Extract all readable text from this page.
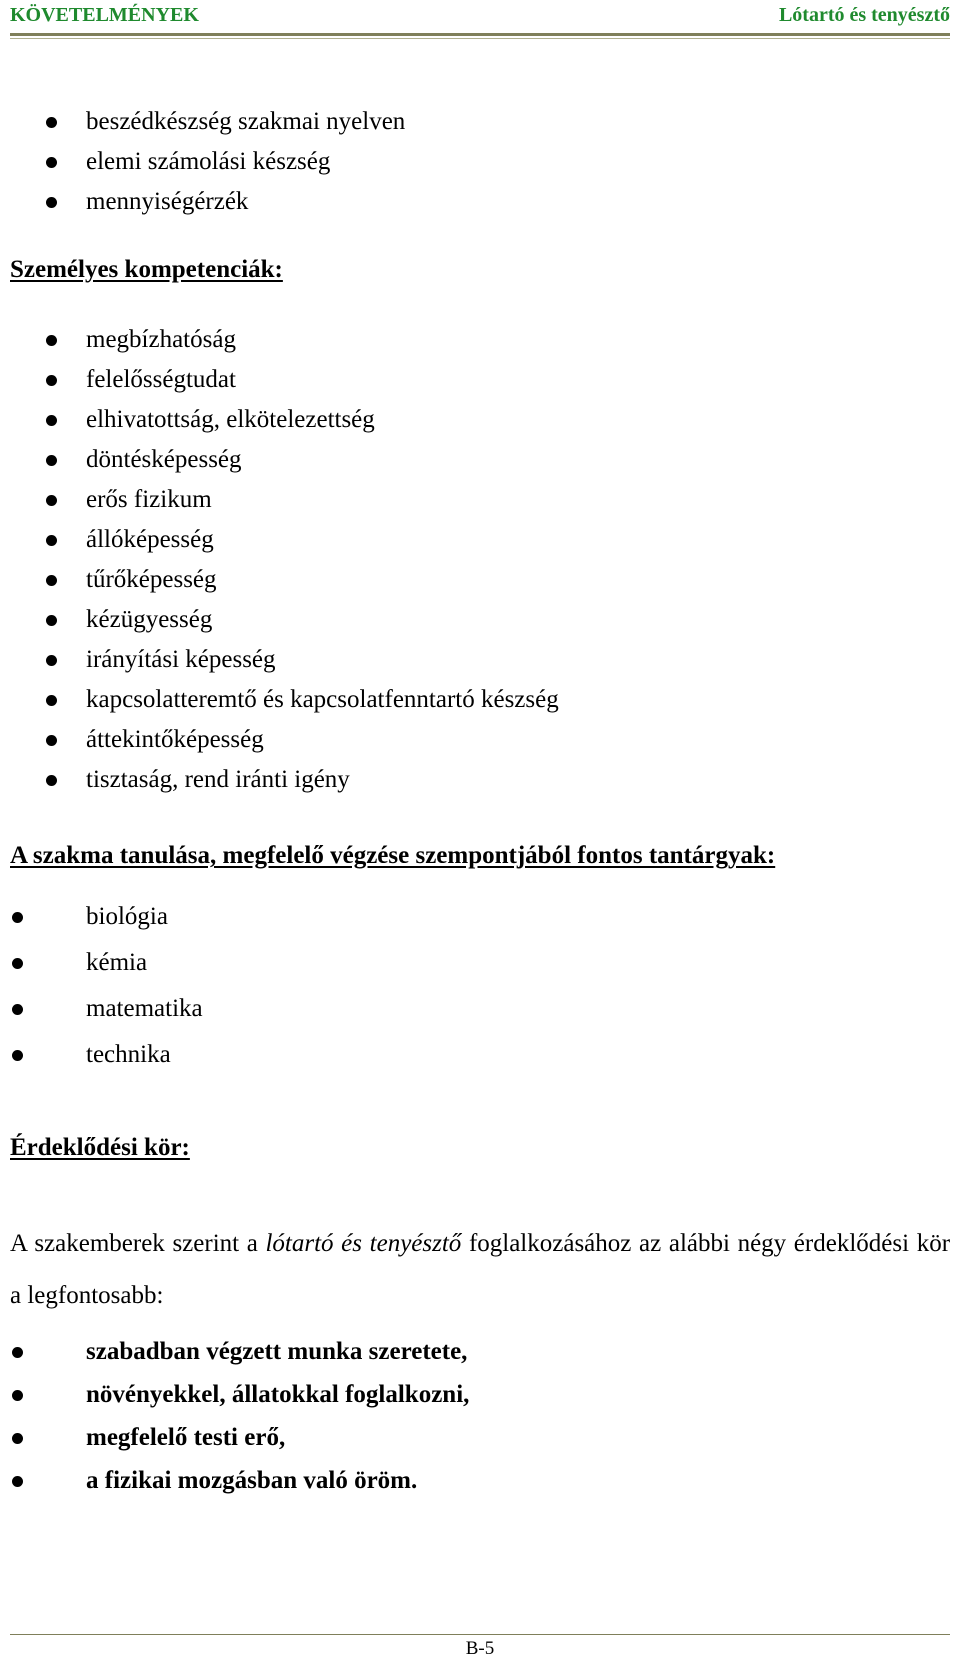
KÖVETELMÉNYEK	Lótartó és tenyésztő
beszédkészség szakmai nyelven
elemi számolási készség
mennyiségérzék
Személyes kompetenciák:
megbízhatóság
felelősségtudat
elhivatottság, elkötelezettség
döntésképesség
erős fizikum
állóképesség
tűrőképesség
kézügyesség
irányítási képesség
kapcsolatteremtő és kapcsolatfenntartó készség
áttekintőképesség
tisztaság, rend iránti igény
A szakma tanulása, megfelelő végzése szempontjából fontos tantárgyak:
biológia
kémia
matematika
technika
Érdeklődési kör:
A szakemberek szerint a lótartó és tenyésztő foglalkozásához az alábbi négy érdeklődési kör a legfontosabb:
szabadban végzett munka szeretete,
növényekkel, állatokkal foglalkozni,
megfelelő testi erő,
a fizikai mozgásban való öröm.
B-5
